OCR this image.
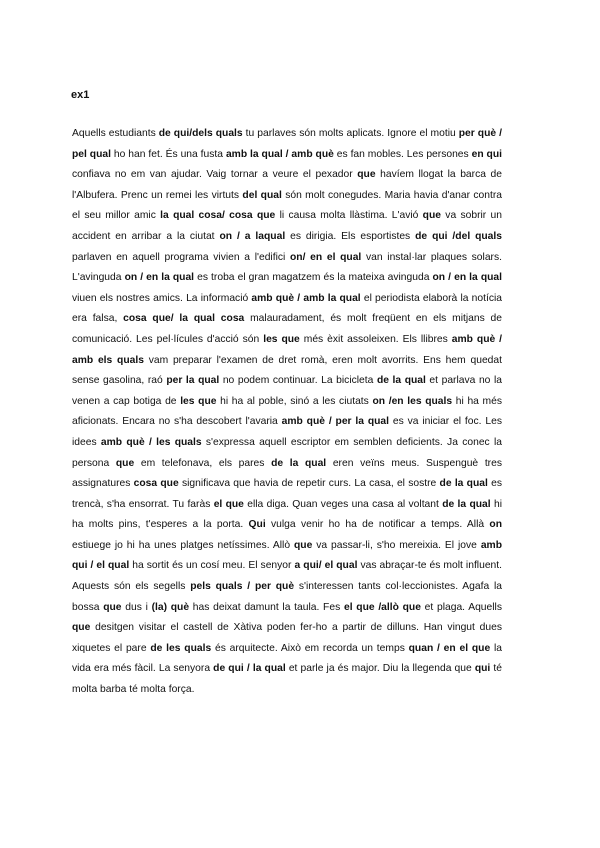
ex1

Aquells estudiants de qui/dels quals tu parlaves són molts aplicats. Ignore el motiu per què / pel qual ho han fet. És una fusta amb la qual / amb què es fan mobles. Les persones en qui confiava no em van ajudar. Vaig tornar a veure el pexador que havíem llogat la barca de l'Albufera. Prenc un remei les virtuts del qual són molt conegudes. Maria havia d'anar contra el seu millor amic la qual cosa/ cosa que li causa molta llàstima. L'avió que va sobrir un accident en arribar a la ciutat on / a laqual es dirigia. Els esportistes de qui /del quals parlaven en aquell programa vivien a l'edifici on/ en el qual van instal·lar plaques solars. L'avinguda on / en la qual es troba el gran magatzem és la mateixa avinguda on / en la qual viuen els nostres amics. La informació amb què / amb la qual el periodista elaborà la notícia era falsa, cosa que/ la qual cosa malauradament, és molt freqüent en els mitjans de comunicació. Les pel·lícules d'acció són les que més èxit assoleixen. Els llibres amb què / amb els quals vam preparar l'examen de dret romà, eren molt avorrits. Ens hem quedat sense gasolina, raó per la qual no podem continuar. La bicicleta de la qual et parlava no la venen a cap botiga de les que hi ha al poble, sinó a les ciutats on /en les quals hi ha més aficionats. Encara no s'ha descobert l'avaria amb què / per la qual es va iniciar el foc. Les idees amb què / les quals s'expressa aquell escriptor em semblen deficients. Ja conec la persona que em telefonava, els pares de la qual eren veïns meus. Suspenguè tres assignatures cosa que significava que havia de repetir curs. La casa, el sostre de la qual es trencà, s'ha ensorrat. Tu faràs el que ella diga. Quan veges una casa al voltant de la qual hi ha molts pins, t'esperes a la porta. Qui vulga venir ho ha de notificar a temps. Allà on estiuege jo hi ha unes platges netíssimes. Allò que va passar-li, s'ho mereixia. El jove amb qui / el qual ha sortit és un cosí meu. El senyor a qui/ el qual vas abraçar-te és molt influent. Aquests són els segells pels quals / per què s'interessen tants col·leccionistes. Agafa la bossa que dus i (la) què has deixat damunt la taula. Fes el que /allò que et plaga. Aquells que desitgen visitar el castell de Xàtiva poden fer-ho a partir de dilluns. Han vingut dues xiquetes el pare de les quals és arquitecte. Això em recorda un temps quan / en el que la vida era més fàcil. La senyora de qui / la qual et parle ja és major. Diu la llegenda que qui té molta barba té molta força.
